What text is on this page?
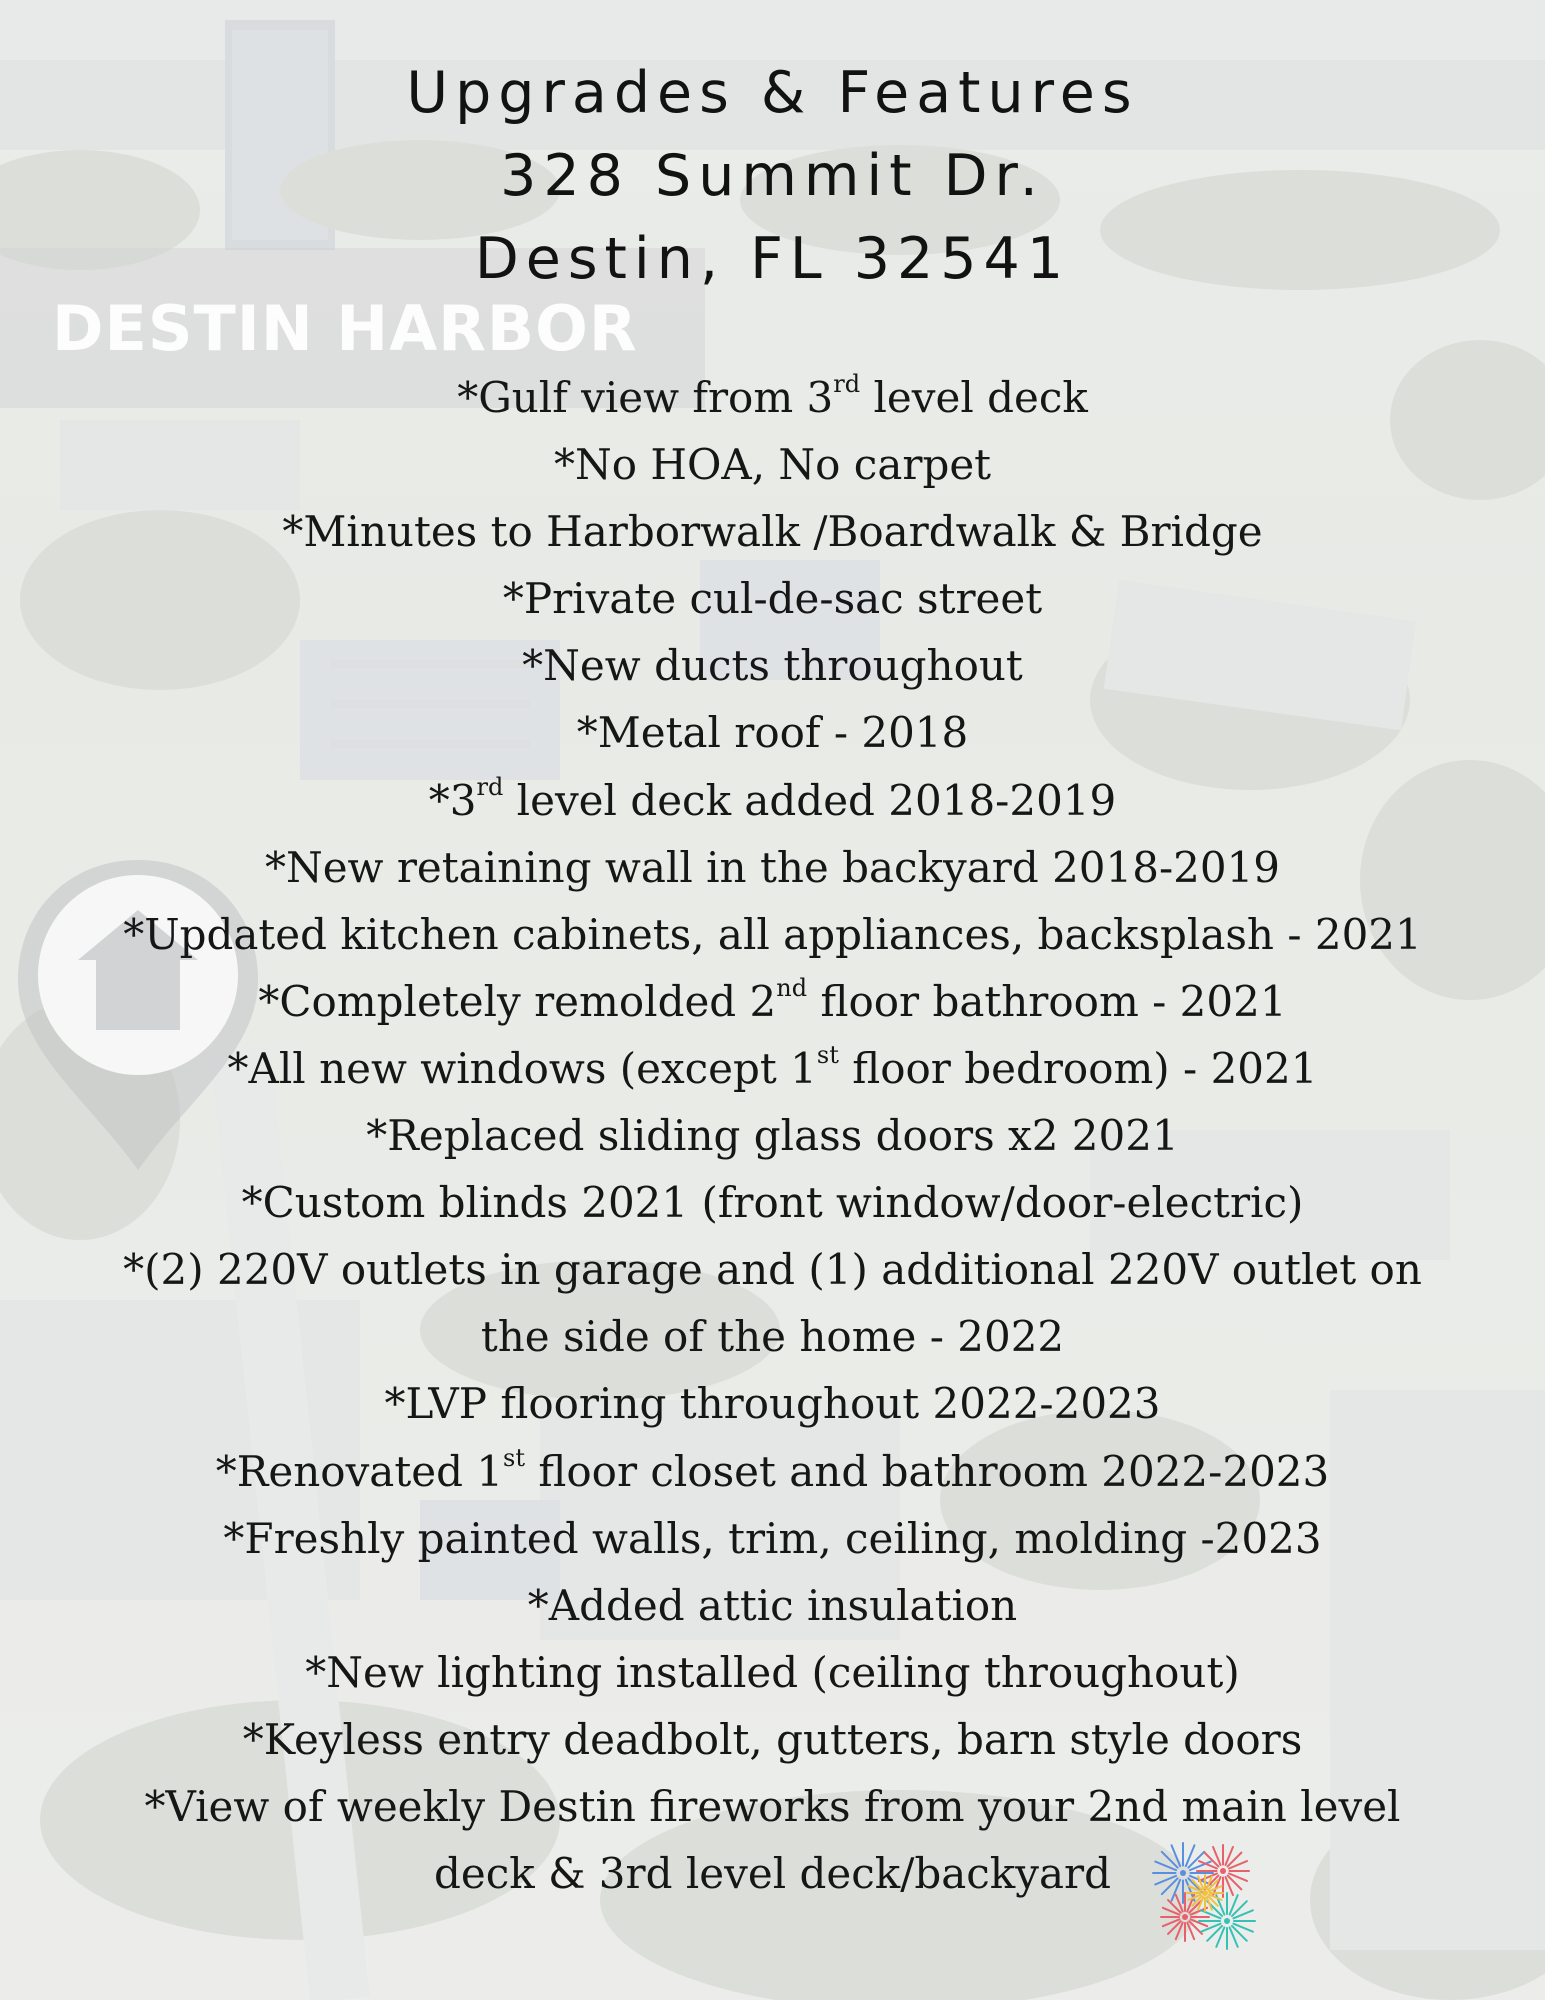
DESTIN HARBOR
Upgrades & Features
328 Summit Dr.
Destin, FL 32541
*Gulf view from 3rd level deck
*No HOA, No carpet
*Minutes to Harborwalk /Boardwalk & Bridge
*Private cul-de-sac street
*New ducts throughout
*Metal roof - 2018
*3rd level deck added 2018-2019
*New retaining wall in the backyard 2018-2019
*Updated kitchen cabinets, all appliances, backsplash - 2021
*Completely remolded 2nd floor bathroom - 2021
*All new windows (except 1st floor bedroom) - 2021
*Replaced sliding glass doors x2 2021
*Custom blinds 2021 (front window/door-electric)
*(2) 220V outlets in garage and (1) additional 220V outlet on
the side of the home - 2022
*LVP flooring throughout 2022-2023
*Renovated 1st floor closet and bathroom 2022-2023
*Freshly painted walls, trim, ceiling, molding -2023
*Added attic insulation
*New lighting installed (ceiling throughout)
*Keyless entry deadbolt, gutters, barn style doors
*View of weekly Destin fireworks from your 2nd main level
deck & 3rd level deck/backyard
